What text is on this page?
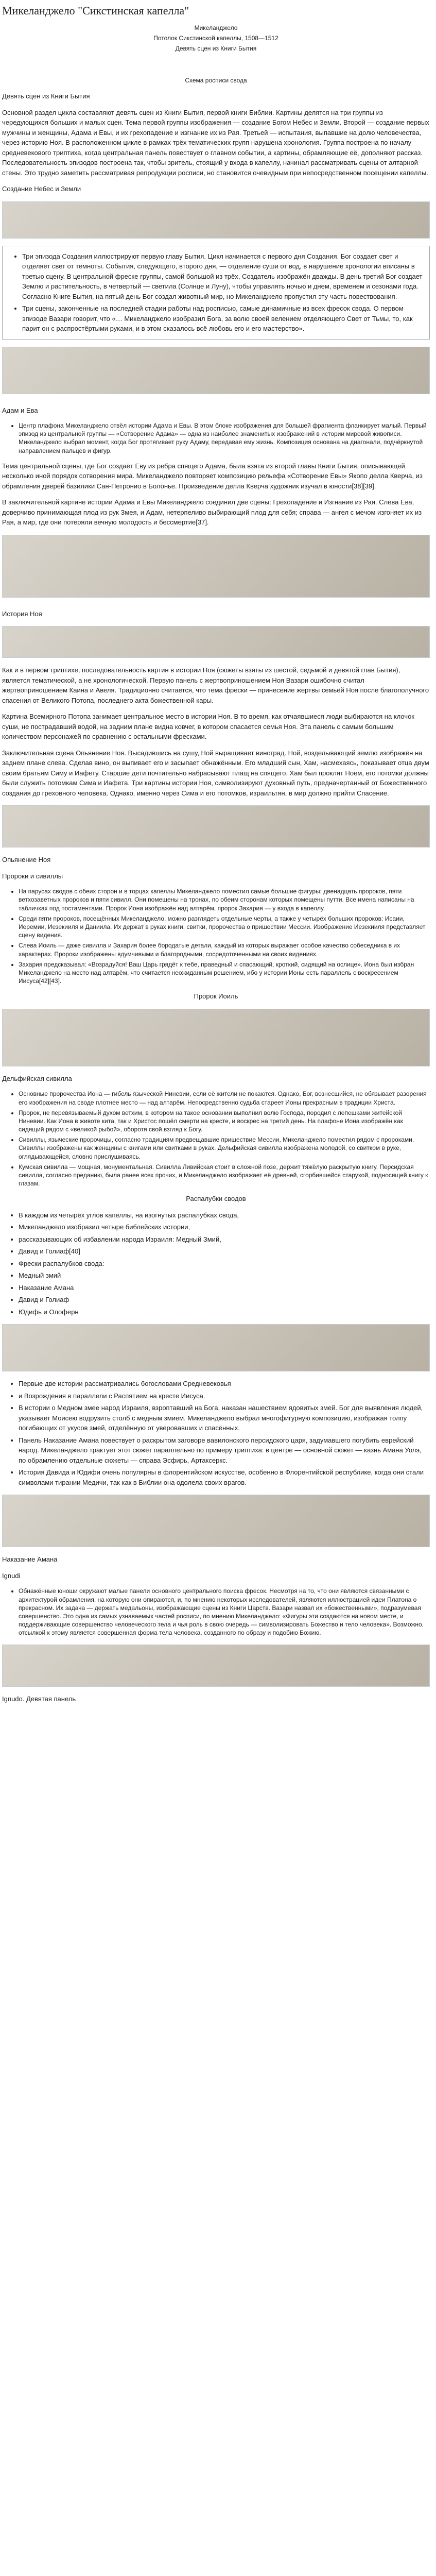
Микеланджело "Сикстинская капелла"
Микеланджело
Потолок Сикстинской капеллы, 1508—1512
Девять сцен из Книги Бытия
Схема росписи свода

Девять сцен из Книги Бытия

Основной раздел цикла составляют девять сцен из Книги Бытия, первой книги Библии. Картины делятся на три группы из чередующихся больших и малых сцен. Тема первой группы изображения — создание Богом Небес и Земли. Второй — создание первых мужчины и женщины, Адама и Евы, и их грехопадение и изгнание их из Рая. Третьей — испытания, выпавшие на долю человечества, через историю Ноя. В расположенном цикле в рамках трёх тематических групп нарушена хронология. Группа построена по началу средневекового триптиха, когда центральная панель повествует о главном событии, а картины, обрамляющие её, дополняют рассказ. Последовательность эпизодов построена так, чтобы зритель, стоящий у входа в капеллу, начинал рассматривать сцены от алтарной стены. Это трудно заметить рассматривая репродукции росписи, но становится очевидным при непосредственном посещении капеллы.

Создание Небес и Земли

• Три эпизода Создания иллюстрируют первую главу Бытия. Цикл начинается с первого дня Создания. Бог создает свет и отделяет свет от темноты. События, следующего, второго дня, — отделение суши от вод, в нарушение хронологии вписаны в третью сцену. В центральной фреске группы, самой большой из трёх, Создатель изображён дважды. В день третий Бог создает Землю и растительность, в четвертый — светила (Солнце и Луну), чтобы управлять ночью и днем, временем и сезонами года. Согласно Книге Бытия, на пятый день Бог создал животный мир, но Микеланджело пропустил эту часть повествования.
• Три сцены, законченные на последней стадии работы над росписью, самые динамичные из всех фресок свода. О первом эпизоде Вазари говорит, что «… Микеланджело изобразил Бога, за волю своей велением отделяющего Свет от Тьмы, то, как парит он с распростёртыми руками, и в этом сказалось всё любовь его и его мастерство».

Адам и Ева

• Центр плафона Микеланджело отвёл истории Адама и Евы. В этом блоке изображения для большей фрагмента фланкирует малый. Первый эпизод из центральной группы — «Сотворение Адама» — одна из наиболее знаменитых изображений в истории мировой живописи. Микеланджело выбрал момент, когда Бог протягивает руку Адаму, передавая ему жизнь. Композиция основана на диагонали, подчёркнутой направлением пальцев и фигур.

Тема центральной сцены, где Бог создаёт Еву из ребра спящего Адама, была взята из второй главы Книги Бытия, описывающей несколько иной порядок сотворения мира. Микеланджело повторяет композицию рельефа «Сотворение Евы» Якопо делла Кверча, из обрамления дверей базилики Сан-Петронио в Болонье. Произведение делла Кверча художник изучал в юности[38][39].

В заключительной картине истории Адама и Евы Микеланджело соединил две сцены: Грехопадение и Изгнание из Рая. Слева Ева, доверчиво принимающая плод из рук Змея, и Адам, нетерпеливо выбирающий плод для себя; справа — ангел с мечом изгоняет их из Рая, а мир, где они потеряли вечную молодость и бессмертие[37].

История Ноя

Как и в первом триптихе, последовательность картин в истории Ноя (сюжеты взяты из шестой, седьмой и девятой глав Бытия), является тематической, а не хронологической. Первую панель с жертвоприношением Ноя Вазари ошибочно считал жертвоприношением Каина и Авеля. Традиционно считается, что тема фрески — принесение жертвы семьёй Ноя после благополучного спасения от Великого Потопа, последнего акта божественной кары.

Картина Всемирного Потопа занимает центральное место в истории Ноя. В то время, как отчаявшиеся люди выбираются на клочок суши, не пострадавший водой, на задним плане видна ковчег, в котором спасается семья Ноя. Эта панель с самым большим количеством персонажей по сравнению с остальными фресками.

Заключительная сцена Опьянение Ноя. Высадившись на сушу, Ной выращивает виноград. Ной, возделывающий землю изображён на заднем плане слева. Сделав вино, он выпивает его и засыпает обнажённым. Его младший сын, Хам, насмехаясь, показывает отца двум своим братьям Симу и Иафету. Старшие дети почтительно набрасывают плащ на спящего. Хам был проклят Ноем, его потомки должны были служить потомкам Сима и Иафета. Три картины истории Ноя, символизируют духовный путь, предначертанный от Божественного создания до греховного человека. Однако, именно через Сима и его потомков, израильтян, в мир должно прийти Спасение.

Опьянение Ноя

Пророки и сивиллы

• На парусах сводов с обеих сторон и в торцах капеллы Микеланджело поместил самые большие фигуры: двенадцать пророков, пяти ветхозаветных пророков и пяти сивилл. Они помещены на тронах, по обеим сторонам которых помещены путти. Все имена написаны на табличках под постаментами. Пророк Иона изображён над алтарём, пророк Захария — у входа в капеллу.
• Среди пяти пророков, посещённых Микеланджело, можно разглядеть отдельные черты, а также у четырёх больших пророков: Исаии, Иеремии, Иезекииля и Даниила. Их держат в руках книги, свитки, пророчества о пришествии Мессии. Изображение Иезекииля представляет сцену видения.
• Слева Иоиль — даже сивилла и Захария более бородатые детали, каждый из которых выражает особое качество собеседника в их характерах. Пророки изображены вдумчивыми и благородными, сосредоточенными на своих видениях.
• Захария предсказывал: «Возрадуйся! Ваш Царь грядёт к тебе, праведный и спасающий, кроткий, сидящий на ослице». Иона был избран Микеланджело на место над алтарём, что считается неожиданным решением, ибо у истории Ионы есть параллель с воскресением Иисуса[42][43].

Пророк Иоиль

Дельфийская сивилла

• Основные пророчества Иона — гибель языческой Ниневии, если её жители не покаются. Однако, Бог, вознесшийся, не обязывает разорения его изображения на своде плотнее место — над алтарём. Непосредственно судьба стареет Ионы прекрасным в традиции Христа.
• Пророк, не перевязываемый духом ветхим, в котором на такое основании выполнил волю Господа, породил с лепешками житейской Ниневии. Как Иона в животе кита, так и Христос пошёл смерти на кресте, и воскрес на третий день. На плафоне Иона изображён как сидящий рядом с «великой рыбой», оборотя свой взгляд к Богу.
• Сивиллы, языческие пророчицы, согласно традициям предвещавшие пришествие Мессии, Микеланджело поместил рядом с пророками. Сивиллы изображены как женщины с книгами или свитками в руках. Дельфийская сивилла изображена молодой, со свитком в руке, оглядывающейся, словно прислушиваясь.
• Кумская сивилла — мощная, монументальная. Сивилла Ливийская стоит в сложной позе, держит тяжёлую раскрытую книгу. Персидская сивилла, согласно преданию, была ранее всех прочих, и Микеланджело изображает её древней, сгорбившейся старухой, подносящей книгу к глазам.

Распалубки сводов

• В каждом из четырёх углов капеллы, на изогнутых распалубках свода,
• Микеланджело изобразил четыре библейских истории,
• рассказывающих об избавлении народа Израиля: Медный Змий,
• Давид и Голиаф[40]
• Фрески распалубков свода:
• Медный змий
• Наказание Амана
• Давид и Голиаф
• Юдифь и Олоферн
• Первые две истории рассматривались богословами Средневековья
• и Возрождения в параллели с Распятием на кресте Иисуса.
• В истории о Медном змее народ Израиля, взроптавший на Бога, наказан нашествием ядовитых змей. Бог для выявления людей, указывает Моисею водрузить столб с медным змием. Микеланджело выбрал многофигурную композицию, изображая толпу погибающих от укусов змей, отделённую от уверовавших и спасённых.
• Панель Наказание Амана повествует о раскрытом заговоре вавилонского персидского царя, задумавшего погубить еврейский народ. Микеланджело трактует этот сюжет параллельно по примеру триптиха: в центре — основной сюжет — казнь Амана Уолэ, по обрамлению отдельные сюжеты — справа Эсфирь, Артаксеркс.
• История Давида и Юдифи очень популярны в флорентийском искусстве, особенно в Флорентийской республике, когда они стали символами тирании Медичи, так как в Библии она одолела своих врагов.

Наказание Амана

Ignudi

• Обнажённые юноши окружают малые панели основного центрального поиска фресок. Несмотря на то, что они являются связанными с архитектурой обрамления, на которую они опираются, и, по мнению некоторых исследователей, являются иллюстрацией идеи Платона о прекрасном. Их задача — держать медальоны, изображающие сцены из Книги Царств. Вазари назвал их «божественными», подразумевая совершенство. Это одна из самых узнаваемых частей росписи, по мнению Микеланджело: «Фигуры эти создаются на новом месте, и поддерживающие совершенство человеческого тела и чья роль в свою очередь — символизировать Божество и тело человека». Возможно, отсылкой к этому является совершенная форма тела человека, созданного по образу и подобию Божию.

Ignudo. Девятая панель
